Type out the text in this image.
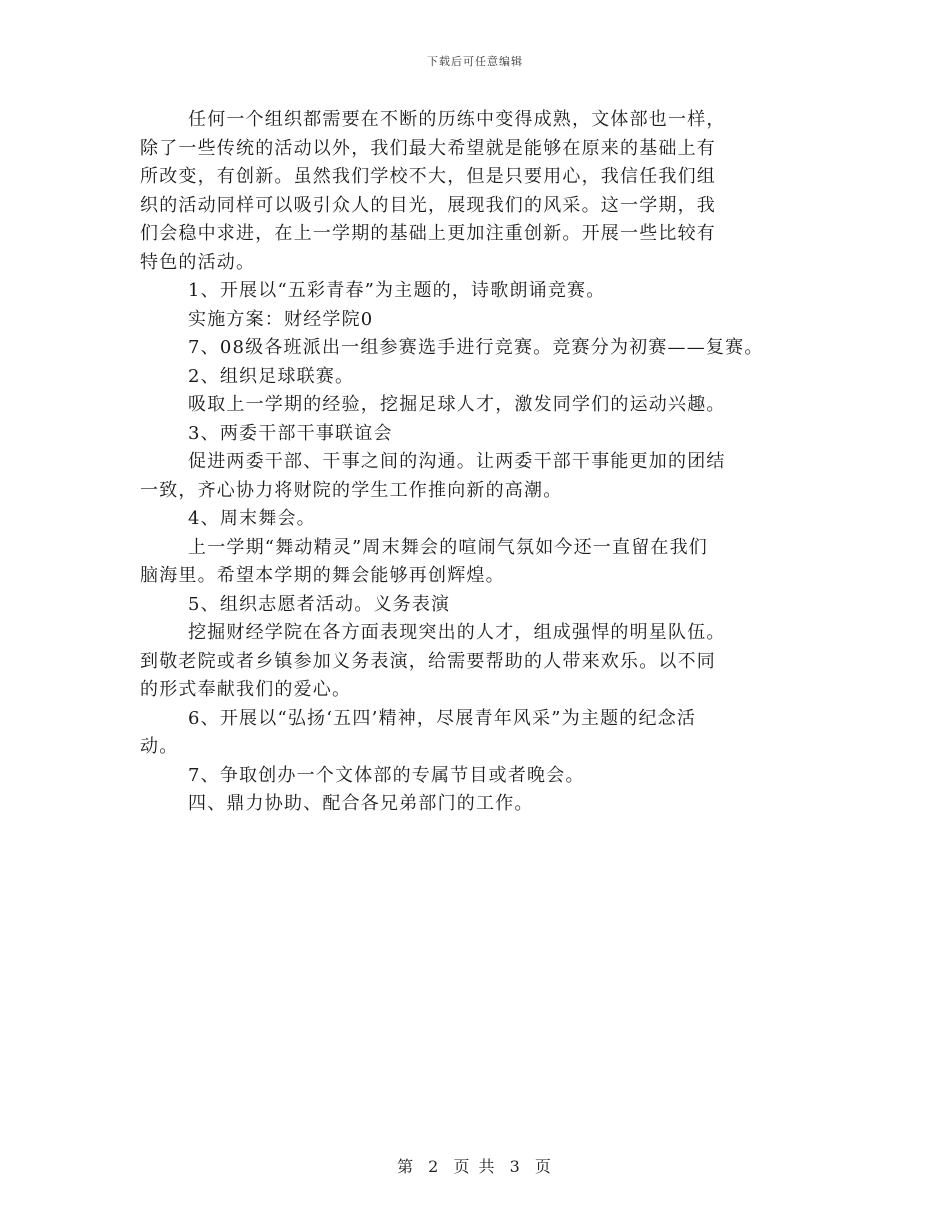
下载后可任意编辑
任何一个组织都需要在不断的历练中变得成熟，文体部也一样，
除了一些传统的活动以外，我们最大希望就是能够在原来的基础上有
所改变，有创新。虽然我们学校不大，但是只要用心，我信任我们组
织的活动同样可以吸引众人的目光，展现我们的风采。这一学期，我
们会稳中求进，在上一学期的基础上更加注重创新。开展一些比较有
特色的活动。
1、开展以“五彩青春”为主题的，诗歌朗诵竞赛。
实施方案：财经学院0
7、08级各班派出一组参赛选手进行竞赛。竞赛分为初赛——复赛。
2、组织足球联赛。
吸取上一学期的经验，挖掘足球人才，激发同学们的运动兴趣。
3、两委干部干事联谊会
促进两委干部、干事之间的沟通。让两委干部干事能更加的团结
一致，齐心协力将财院的学生工作推向新的高潮。
4、周末舞会。
上一学期“舞动精灵”周末舞会的喧闹气氛如今还一直留在我们
脑海里。希望本学期的舞会能够再创辉煌。
5、组织志愿者活动。义务表演
挖掘财经学院在各方面表现突出的人才，组成强悍的明星队伍。
到敬老院或者乡镇参加义务表演，给需要帮助的人带来欢乐。以不同
的形式奉献我们的爱心。
6、开展以“弘扬‘五四’精神，尽展青年风采”为主题的纪念活
动。
7、争取创办一个文体部的专属节目或者晚会。
四、鼎力协助、配合各兄弟部门的工作。
第 2 页 共 3 页
